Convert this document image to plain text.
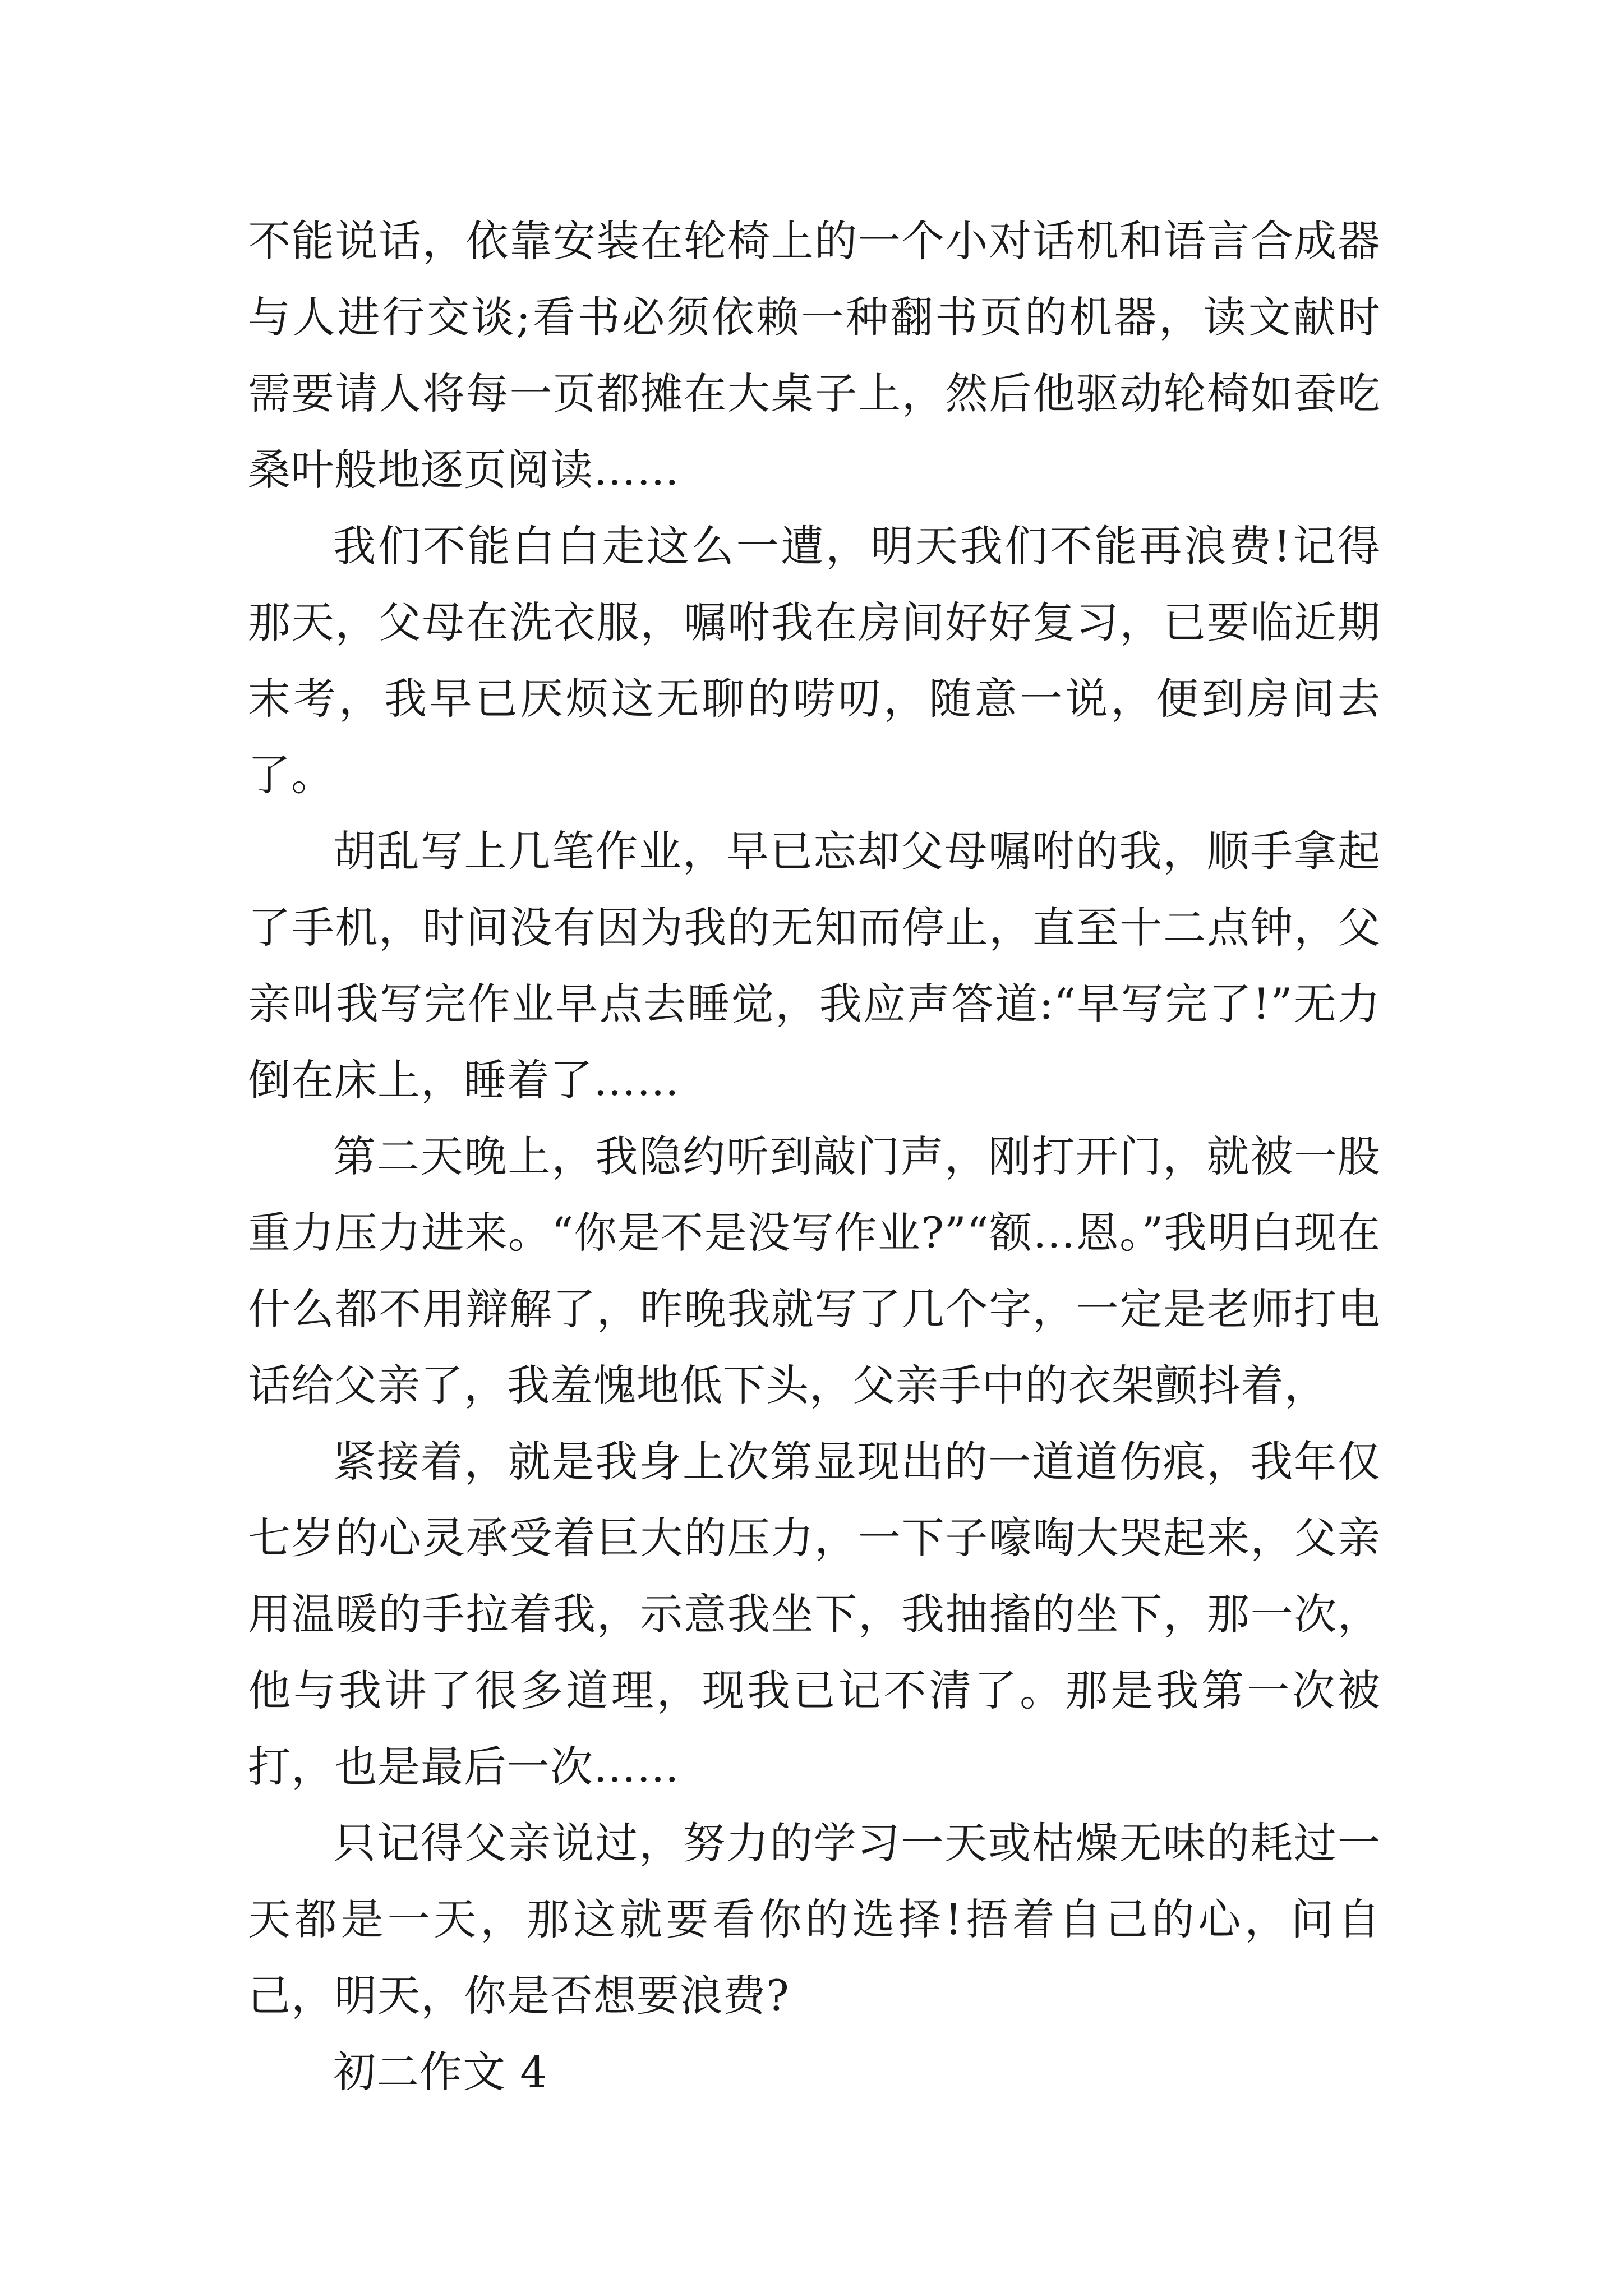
不能说话，依靠安装在轮椅上的一个小对话机和语言合成器与人进行交谈;看书必须依赖一种翻书页的机器，读文献时需要请人将每一页都摊在大桌子上，然后他驱动轮椅如蚕吃桑叶般地逐页阅读……

我们不能白白走这么一遭，明天我们不能再浪费!记得那天，父母在洗衣服，嘱咐我在房间好好复习，已要临近期末考，我早已厌烦这无聊的唠叨，随意一说，便到房间去了。

胡乱写上几笔作业，早已忘却父母嘱咐的我，顺手拿起了手机，时间没有因为我的无知而停止，直至十二点钟，父亲叫我写完作业早点去睡觉，我应声答道:“早写完了!”无力倒在床上，睡着了……

第二天晚上，我隐约听到敲门声，刚打开门，就被一股重力压力进来。“你是不是没写作业?”“额…恩。”我明白现在什么都不用辩解了，昨晚我就写了几个字，一定是老师打电话给父亲了，我羞愧地低下头，父亲手中的衣架颤抖着，

紧接着，就是我身上次第显现出的一道道伤痕，我年仅七岁的心灵承受着巨大的压力，一下子嚎啕大哭起来，父亲用温暖的手拉着我，示意我坐下，我抽搐的坐下，那一次，他与我讲了很多道理，现我已记不清了。那是我第一次被打，也是最后一次……

只记得父亲说过，努力的学习一天或枯燥无味的耗过一天都是一天，那这就要看你的选择!捂着自己的心，问自己，明天，你是否想要浪费?

初二作文 4
